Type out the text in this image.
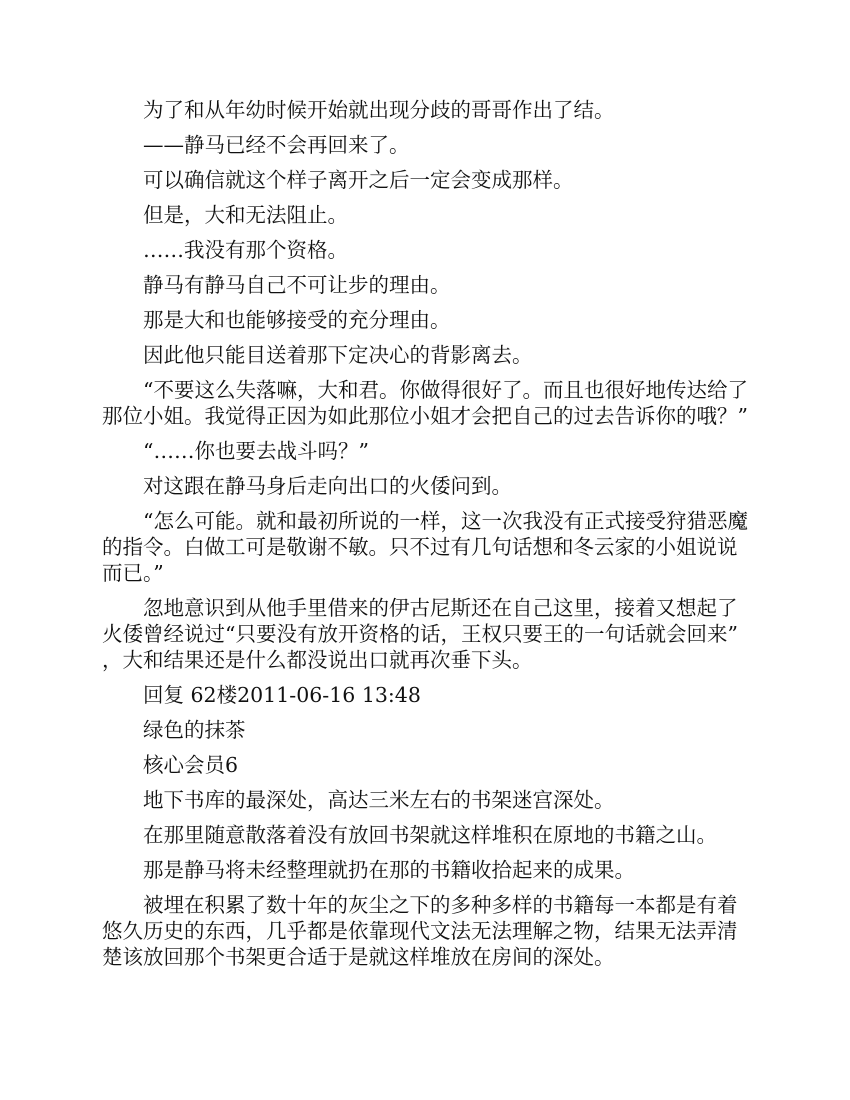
为了和从年幼时候开始就出现分歧的哥哥作出了结。

——静马已经不会再回来了。

可以确信就这个样子离开之后一定会变成那样。

但是，大和无法阻止。

……我没有那个资格。

静马有静马自己不可让步的理由。

那是大和也能够接受的充分理由。

因此他只能目送着那下定决心的背影离去。

“不要这么失落嘛，大和君。你做得很好了。而且也很好地传达给了那位小姐。我觉得正因为如此那位小姐才会把自己的过去告诉你的哦？”

“……你也要去战斗吗？”

对这跟在静马身后走向出口的火倭问到。

“怎么可能。就和最初所说的一样，这一次我没有正式接受狩猎恶魔的指令。白做工可是敬谢不敏。只不过有几句话想和冬云家的小姐说说而已。”

忽地意识到从他手里借来的伊古尼斯还在自己这里，接着又想起了火倭曾经说过“只要没有放开资格的话，王权只要王的一句话就会回来”，大和结果还是什么都没说出口就再次垂下头。

回复 62楼2011-06-16 13:48

绿色的抹茶

核心会员6

地下书库的最深处，高达三米左右的书架迷宫深处。

在那里随意散落着没有放回书架就这样堆积在原地的书籍之山。

那是静马将未经整理就扔在那的书籍收拾起来的成果。

被埋在积累了数十年的灰尘之下的多种多样的书籍每一本都是有着悠久历史的东西，几乎都是依靠现代文法无法理解之物，结果无法弄清楚该放回那个书架更合适于是就这样堆放在房间的深处。
